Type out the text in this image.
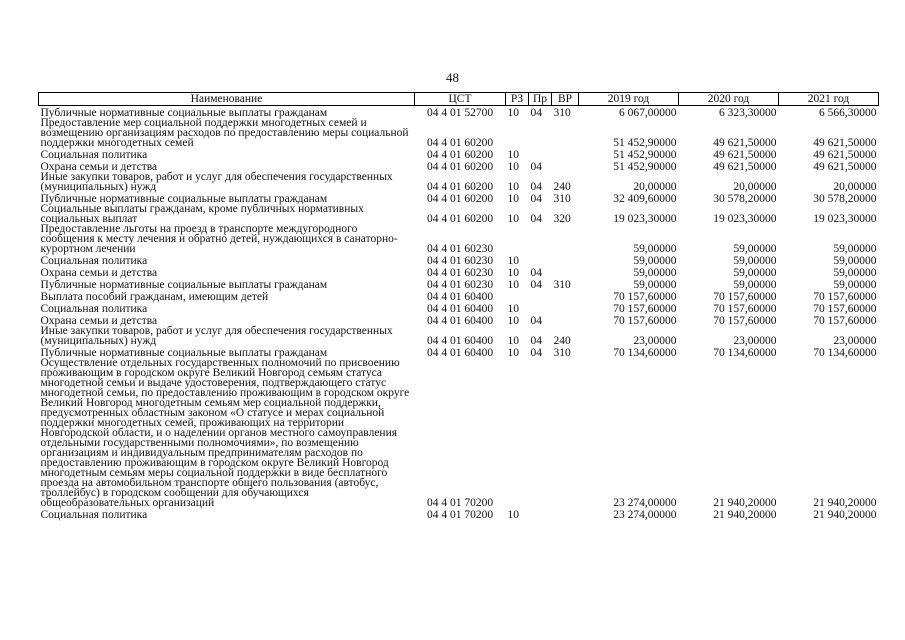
48
Наименование	ЦСТ	РЗ	Пр	ВР	2019 год	2020 год	2021 год
Публичные нормативные социальные выплаты гражданам	04 4 01 52700	10	04	310	6 067,00000	6 323,30000	6 566,30000
Предоставление мер социальной поддержки многодетных семей и возмещению организациям расходов по предоставлению меры социальной поддержки многодетных семей	04 4 01 60200				51 452,90000	49 621,50000	49 621,50000
Социальная политика	04 4 01 60200	10			51 452,90000	49 621,50000	49 621,50000
Охрана семьи и детства	04 4 01 60200	10	04		51 452,90000	49 621,50000	49 621,50000
Иные закупки товаров, работ и услуг для обеспечения государственных (муниципальных) нужд	04 4 01 60200	10	04	240	20,00000	20,00000	20,00000
Публичные нормативные социальные выплаты гражданам	04 4 01 60200	10	04	310	32 409,60000	30 578,20000	30 578,20000
Социальные выплаты гражданам, кроме публичных нормативных социальных выплат	04 4 01 60200	10	04	320	19 023,30000	19 023,30000	19 023,30000
Предоставление льготы на проезд в транспорте междугородного сообщения к месту лечения и обратно детей, нуждающихся в санаторно-курортном лечении	04 4 01 60230				59,00000	59,00000	59,00000
Социальная политика	04 4 01 60230	10			59,00000	59,00000	59,00000
Охрана семьи и детства	04 4 01 60230	10	04		59,00000	59,00000	59,00000
Публичные нормативные социальные выплаты гражданам	04 4 01 60230	10	04	310	59,00000	59,00000	59,00000
Выплата пособий гражданам, имеющим детей	04 4 01 60400				70 157,60000	70 157,60000	70 157,60000
Социальная политика	04 4 01 60400	10			70 157,60000	70 157,60000	70 157,60000
Охрана семьи и детства	04 4 01 60400	10	04		70 157,60000	70 157,60000	70 157,60000
Иные закупки товаров, работ и услуг для обеспечения государственных (муниципальных) нужд	04 4 01 60400	10	04	240	23,00000	23,00000	23,00000
Публичные нормативные социальные выплаты гражданам	04 4 01 60400	10	04	310	70 134,60000	70 134,60000	70 134,60000
Осуществление отдельных государственных полномочий по присвоению проживающим в городском округе Великий Новгород семьям статуса многодетной семьи и выдаче удостоверения, подтверждающего статус многодетной семьи, по предоставлению проживающим в городском округе Великий Новгород многодетным семьям мер социальной поддержки, предусмотренных областным законом «О статусе и мерах социальной поддержки многодетных семей, проживающих на территории Новгородской области, и о наделении органов местного самоуправления отдельными государственными полномочиями», по возмещению организациям и индивидуальным предпринимателям расходов по предоставлению проживающим в городском округе Великий Новгород многодетным семьям меры социальной поддержки в виде бесплатного проезда на автомобильном транспорте общего пользования (автобус, троллейбус) в городском сообщении для обучающихся общеобразовательных организаций	04 4 01 70200				23 274,00000	21 940,20000	21 940,20000
Социальная политика	04 4 01 70200	10			23 274,00000	21 940,20000	21 940,20000
